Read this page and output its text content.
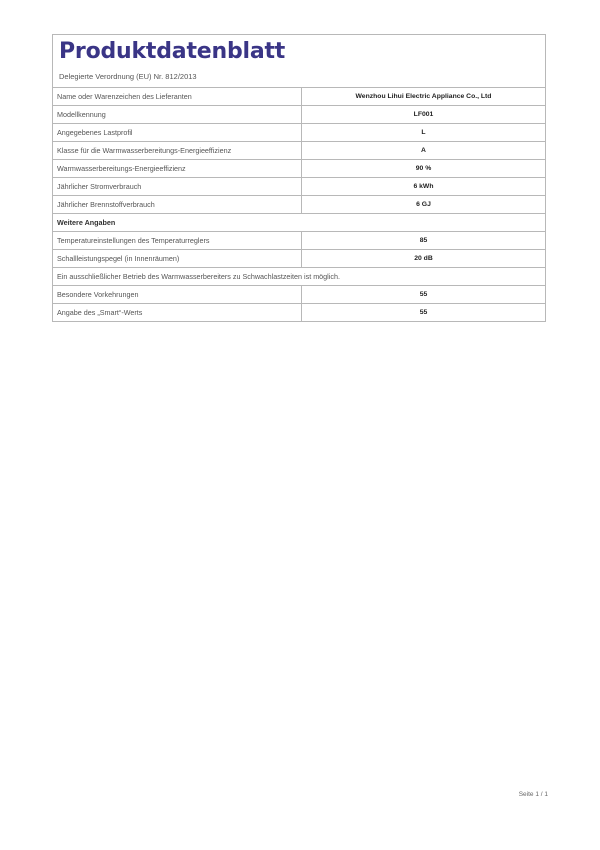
Produktdatenblatt
Delegierte Verordnung (EU) Nr. 812/2013
Name oder Warenzeichen des Lieferanten	Wenzhou Lihui Electric Appliance Co., Ltd
Modellkennung	LF001
Angegebenes Lastprofil	L
Klasse für die Warmwasserbereitungs-Energieeffizienz	A
Warmwasserbereitungs-Energieeffizienz	90 %
Jährlicher Stromverbrauch	6 kWh
Jährlicher Brennstoffverbrauch	6 GJ
Weitere Angaben	
Temperatureinstellungen des Temperaturreglers	85
Schallleistungspegel (in Innenräumen)	20 dB
Ein ausschließlicher Betrieb des Warmwasserbereiters zu Schwachlastzeiten ist möglich.	
Besondere Vorkehrungen	55
Angabe des „Smart“-Werts	55
Seite 1 / 1
